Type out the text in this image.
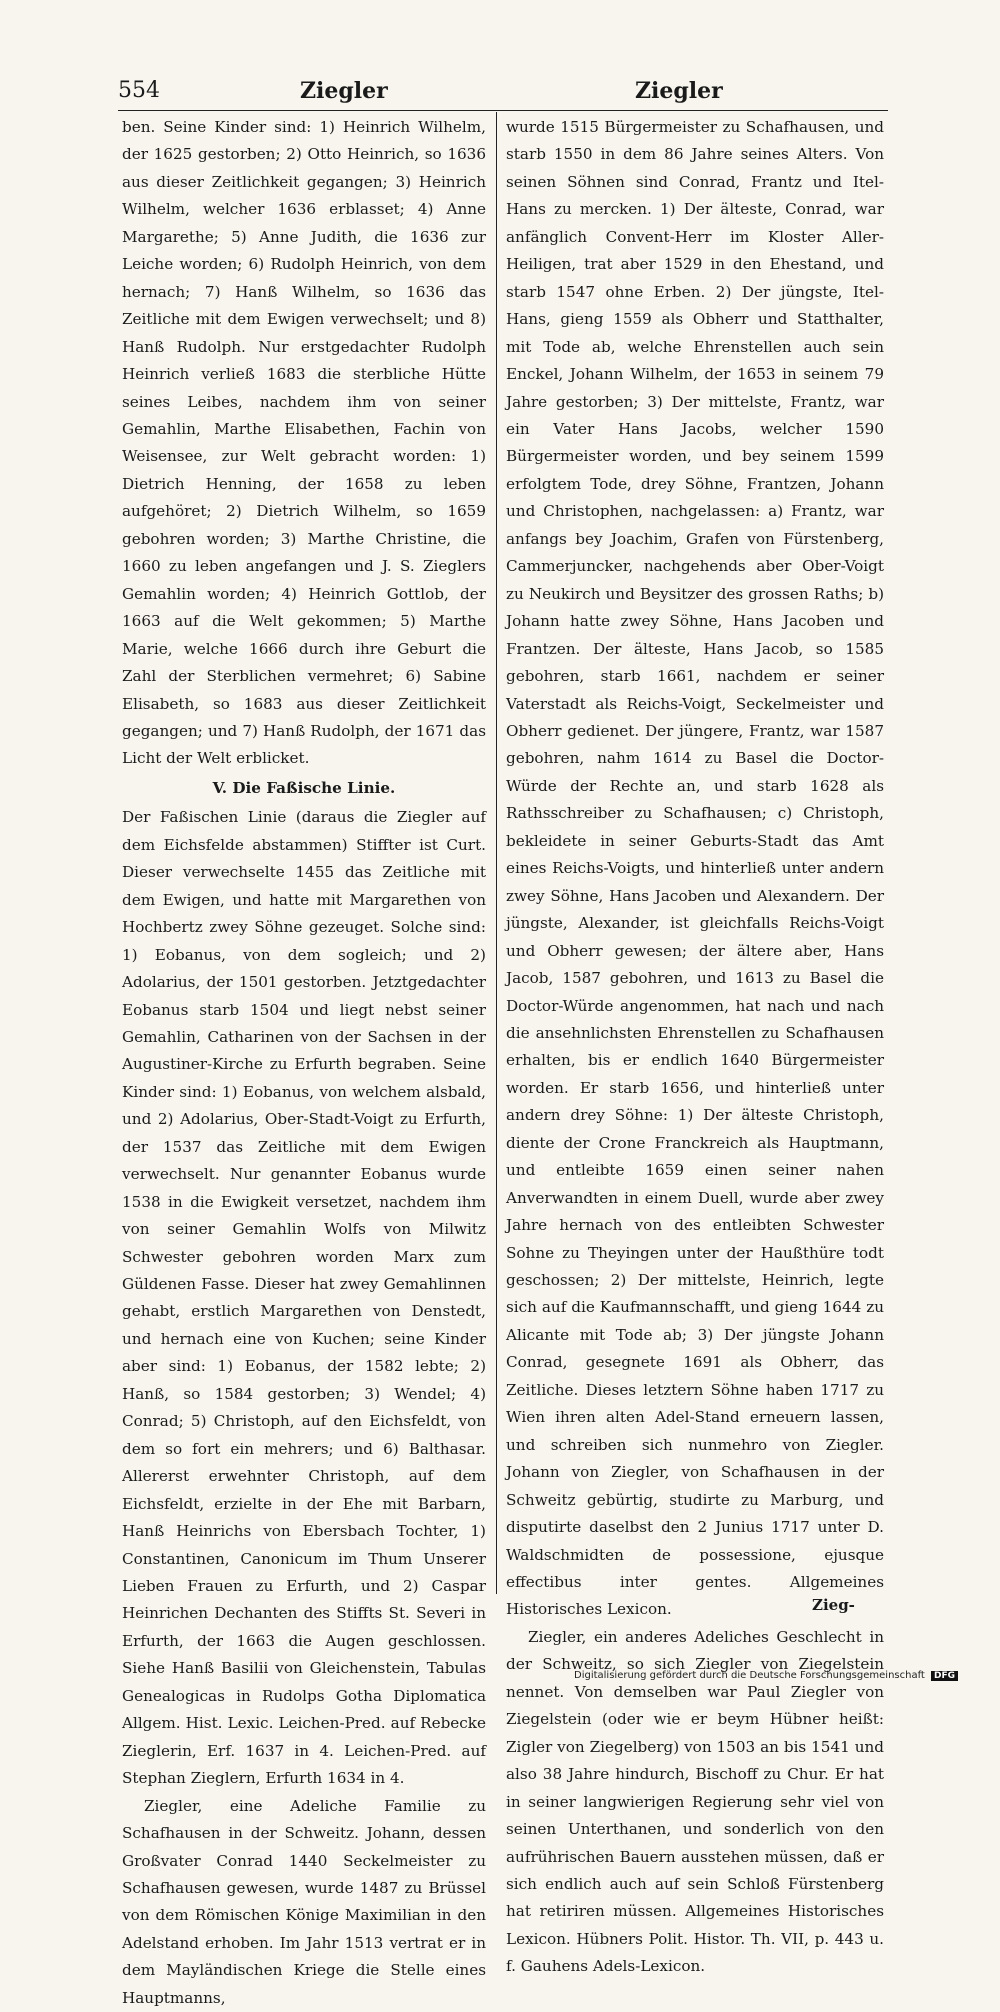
554	Ziegler	Ziegler

ben. Seine Kinder sind: 1) Heinrich Wilhelm, der 1625 gestorben; 2) Otto Heinrich, so 1636 aus dieser Zeitlichkeit gegangen; 3) Heinrich Wilhelm, welcher 1636 erblasset; 4) Anne Margarethe; 5) Anne Judith, die 1636 zur Leiche worden; 6) Rudolph Heinrich, von dem hernach; 7) Hanß Wilhelm, so 1636 das Zeitliche mit dem Ewigen verwechselt; und 8) Hanß Rudolph. Nur erstgedachter Rudolph Heinrich verließ 1683 die sterbliche Hütte seines Leibes, nachdem ihm von seiner Gemahlin, Marthe Elisabethen, Fachin von Weisensee, zur Welt gebracht worden: 1) Dietrich Henning, der 1658 zu leben aufgehöret; 2) Dietrich Wilhelm, so 1659 gebohren worden; 3) Marthe Christine, die 1660 zu leben angefangen und J. S. Zieglers Gemahlin worden; 4) Heinrich Gottlob, der 1663 auf die Welt gekommen; 5) Marthe Marie, welche 1666 durch ihre Geburt die Zahl der Sterblichen vermehret; 6) Sabine Elisabeth, so 1683 aus dieser Zeitlichkeit gegangen; und 7) Hanß Rudolph, der 1671 das Licht der Welt erblicket.

V. Die Faßische Linie.

Der Faßischen Linie (daraus die Ziegler auf dem Eichsfelde abstammen) Stiffter ist Curt. Dieser verwechselte 1455 das Zeitliche mit dem Ewigen, und hatte mit Margarethen von Hochbertz zwey Söhne gezeuget. Solche sind: 1) Eobanus, von dem sogleich; und 2) Adolarius, der 1501 gestorben. Jetztgedachter Eobanus starb 1504 und liegt nebst seiner Gemahlin, Catharinen von der Sachsen in der Augustiner-Kirche zu Erfurth begraben. Seine Kinder sind: 1) Eobanus, von welchem alsbald, und 2) Adolarius, Ober-Stadt-Voigt zu Erfurth, der 1537 das Zeitliche mit dem Ewigen verwechselt. Nur genannter Eobanus wurde 1538 in die Ewigkeit versetzet, nachdem ihm von seiner Gemahlin Wolfs von Milwitz Schwester gebohren worden Marx zum Güldenen Fasse. Dieser hat zwey Gemahlinnen gehabt, erstlich Margarethen von Denstedt, und hernach eine von Kuchen; seine Kinder aber sind: 1) Eobanus, der 1582 lebte; 2) Hanß, so 1584 gestorben; 3) Wendel; 4) Conrad; 5) Christoph, auf den Eichsfeldt, von dem so fort ein mehrers; und 6) Balthasar. Allererst erwehnter Christoph, auf dem Eichsfeldt, erzielte in der Ehe mit Barbarn, Hanß Heinrichs von Ebersbach Tochter, 1) Constantinen, Canonicum im Thum Unserer Lieben Frauen zu Erfurth, und 2) Caspar Heinrichen Dechanten des Stiffts St. Severi in Erfurth, der 1663 die Augen geschlossen. Siehe Hanß Basilii von Gleichenstein, Tabulas Genealogicas in Rudolps Gotha Diplomatica Allgem. Hist. Lexic. Leichen-Pred. auf Rebecke Zieglerin, Erf. 1637 in 4. Leichen-Pred. auf Stephan Zieglern, Erfurth 1634 in 4.

Ziegler, eine Adeliche Familie zu Schafhausen in der Schweitz. Johann, dessen Großvater Conrad 1440 Seckelmeister zu Schafhausen gewesen, wurde 1487 zu Brüssel von dem Römischen Könige Maximilian in den Adelstand erhoben. Im Jahr 1513 vertrat er in dem Mayländischen Kriege die Stelle eines Hauptmanns,

wurde 1515 Bürgermeister zu Schafhausen, und starb 1550 in dem 86 Jahre seines Alters. Von seinen Söhnen sind Conrad, Frantz und Itel-Hans zu mercken. 1) Der älteste, Conrad, war anfänglich Convent-Herr im Kloster Aller-Heiligen, trat aber 1529 in den Ehestand, und starb 1547 ohne Erben. 2) Der jüngste, Itel-Hans, gieng 1559 als Obherr und Statthalter, mit Tode ab, welche Ehrenstellen auch sein Enckel, Johann Wilhelm, der 1653 in seinem 79 Jahre gestorben; 3) Der mittelste, Frantz, war ein Vater Hans Jacobs, welcher 1590 Bürgermeister worden, und bey seinem 1599 erfolgtem Tode, drey Söhne, Frantzen, Johann und Christophen, nachgelassen: a) Frantz, war anfangs bey Joachim, Grafen von Fürstenberg, Cammerjuncker, nachgehends aber Ober-Voigt zu Neukirch und Beysitzer des grossen Raths; b) Johann hatte zwey Söhne, Hans Jacoben und Frantzen. Der älteste, Hans Jacob, so 1585 gebohren, starb 1661, nachdem er seiner Vaterstadt als Reichs-Voigt, Seckelmeister und Obherr gedienet. Der jüngere, Frantz, war 1587 gebohren, nahm 1614 zu Basel die Doctor-Würde der Rechte an, und starb 1628 als Rathsschreiber zu Schafhausen; c) Christoph, bekleidete in seiner Geburts-Stadt das Amt eines Reichs-Voigts, und hinterließ unter andern zwey Söhne, Hans Jacoben und Alexandern. Der jüngste, Alexander, ist gleichfalls Reichs-Voigt und Obherr gewesen; der ältere aber, Hans Jacob, 1587 gebohren, und 1613 zu Basel die Doctor-Würde angenommen, hat nach und nach die ansehnlichsten Ehrenstellen zu Schafhausen erhalten, bis er endlich 1640 Bürgermeister worden. Er starb 1656, und hinterließ unter andern drey Söhne: 1) Der älteste Christoph, diente der Crone Franckreich als Hauptmann, und entleibte 1659 einen seiner nahen Anverwandten in einem Duell, wurde aber zwey Jahre hernach von des entleibten Schwester Sohne zu Theyingen unter der Haußthüre todt geschossen; 2) Der mittelste, Heinrich, legte sich auf die Kaufmannschafft, und gieng 1644 zu Alicante mit Tode ab; 3) Der jüngste Johann Conrad, gesegnete 1691 als Obherr, das Zeitliche. Dieses letztern Söhne haben 1717 zu Wien ihren alten Adel-Stand erneuern lassen, und schreiben sich nunmehro von Ziegler. Johann von Ziegler, von Schafhausen in der Schweitz gebürtig, studirte zu Marburg, und disputirte daselbst den 2 Junius 1717 unter D. Waldschmidten de possessione, ejusque effectibus inter gentes. Allgemeines Historisches Lexicon.

Ziegler, ein anderes Adeliches Geschlecht in der Schweitz, so sich Ziegler von Ziegelstein nennet. Von demselben war Paul Ziegler von Ziegelstein (oder wie er beym Hübner heißt: Zigler von Ziegelberg) von 1503 an bis 1541 und also 38 Jahre hindurch, Bischoff zu Chur. Er hat in seiner langwierigen Regierung sehr viel von seinen Unterthanen, und sonderlich von den aufrührischen Bauern ausstehen müssen, daß er sich endlich auch auf sein Schloß Fürstenberg hat retiriren müssen. Allgemeines Historisches Lexicon. Hübners Polit. Histor. Th. VII, p. 443 u. f. Gauhens Adels-Lexicon.

Zieg-
Digitalisierung gefördert durch die Deutsche Forschungsgemeinschaft DFG
